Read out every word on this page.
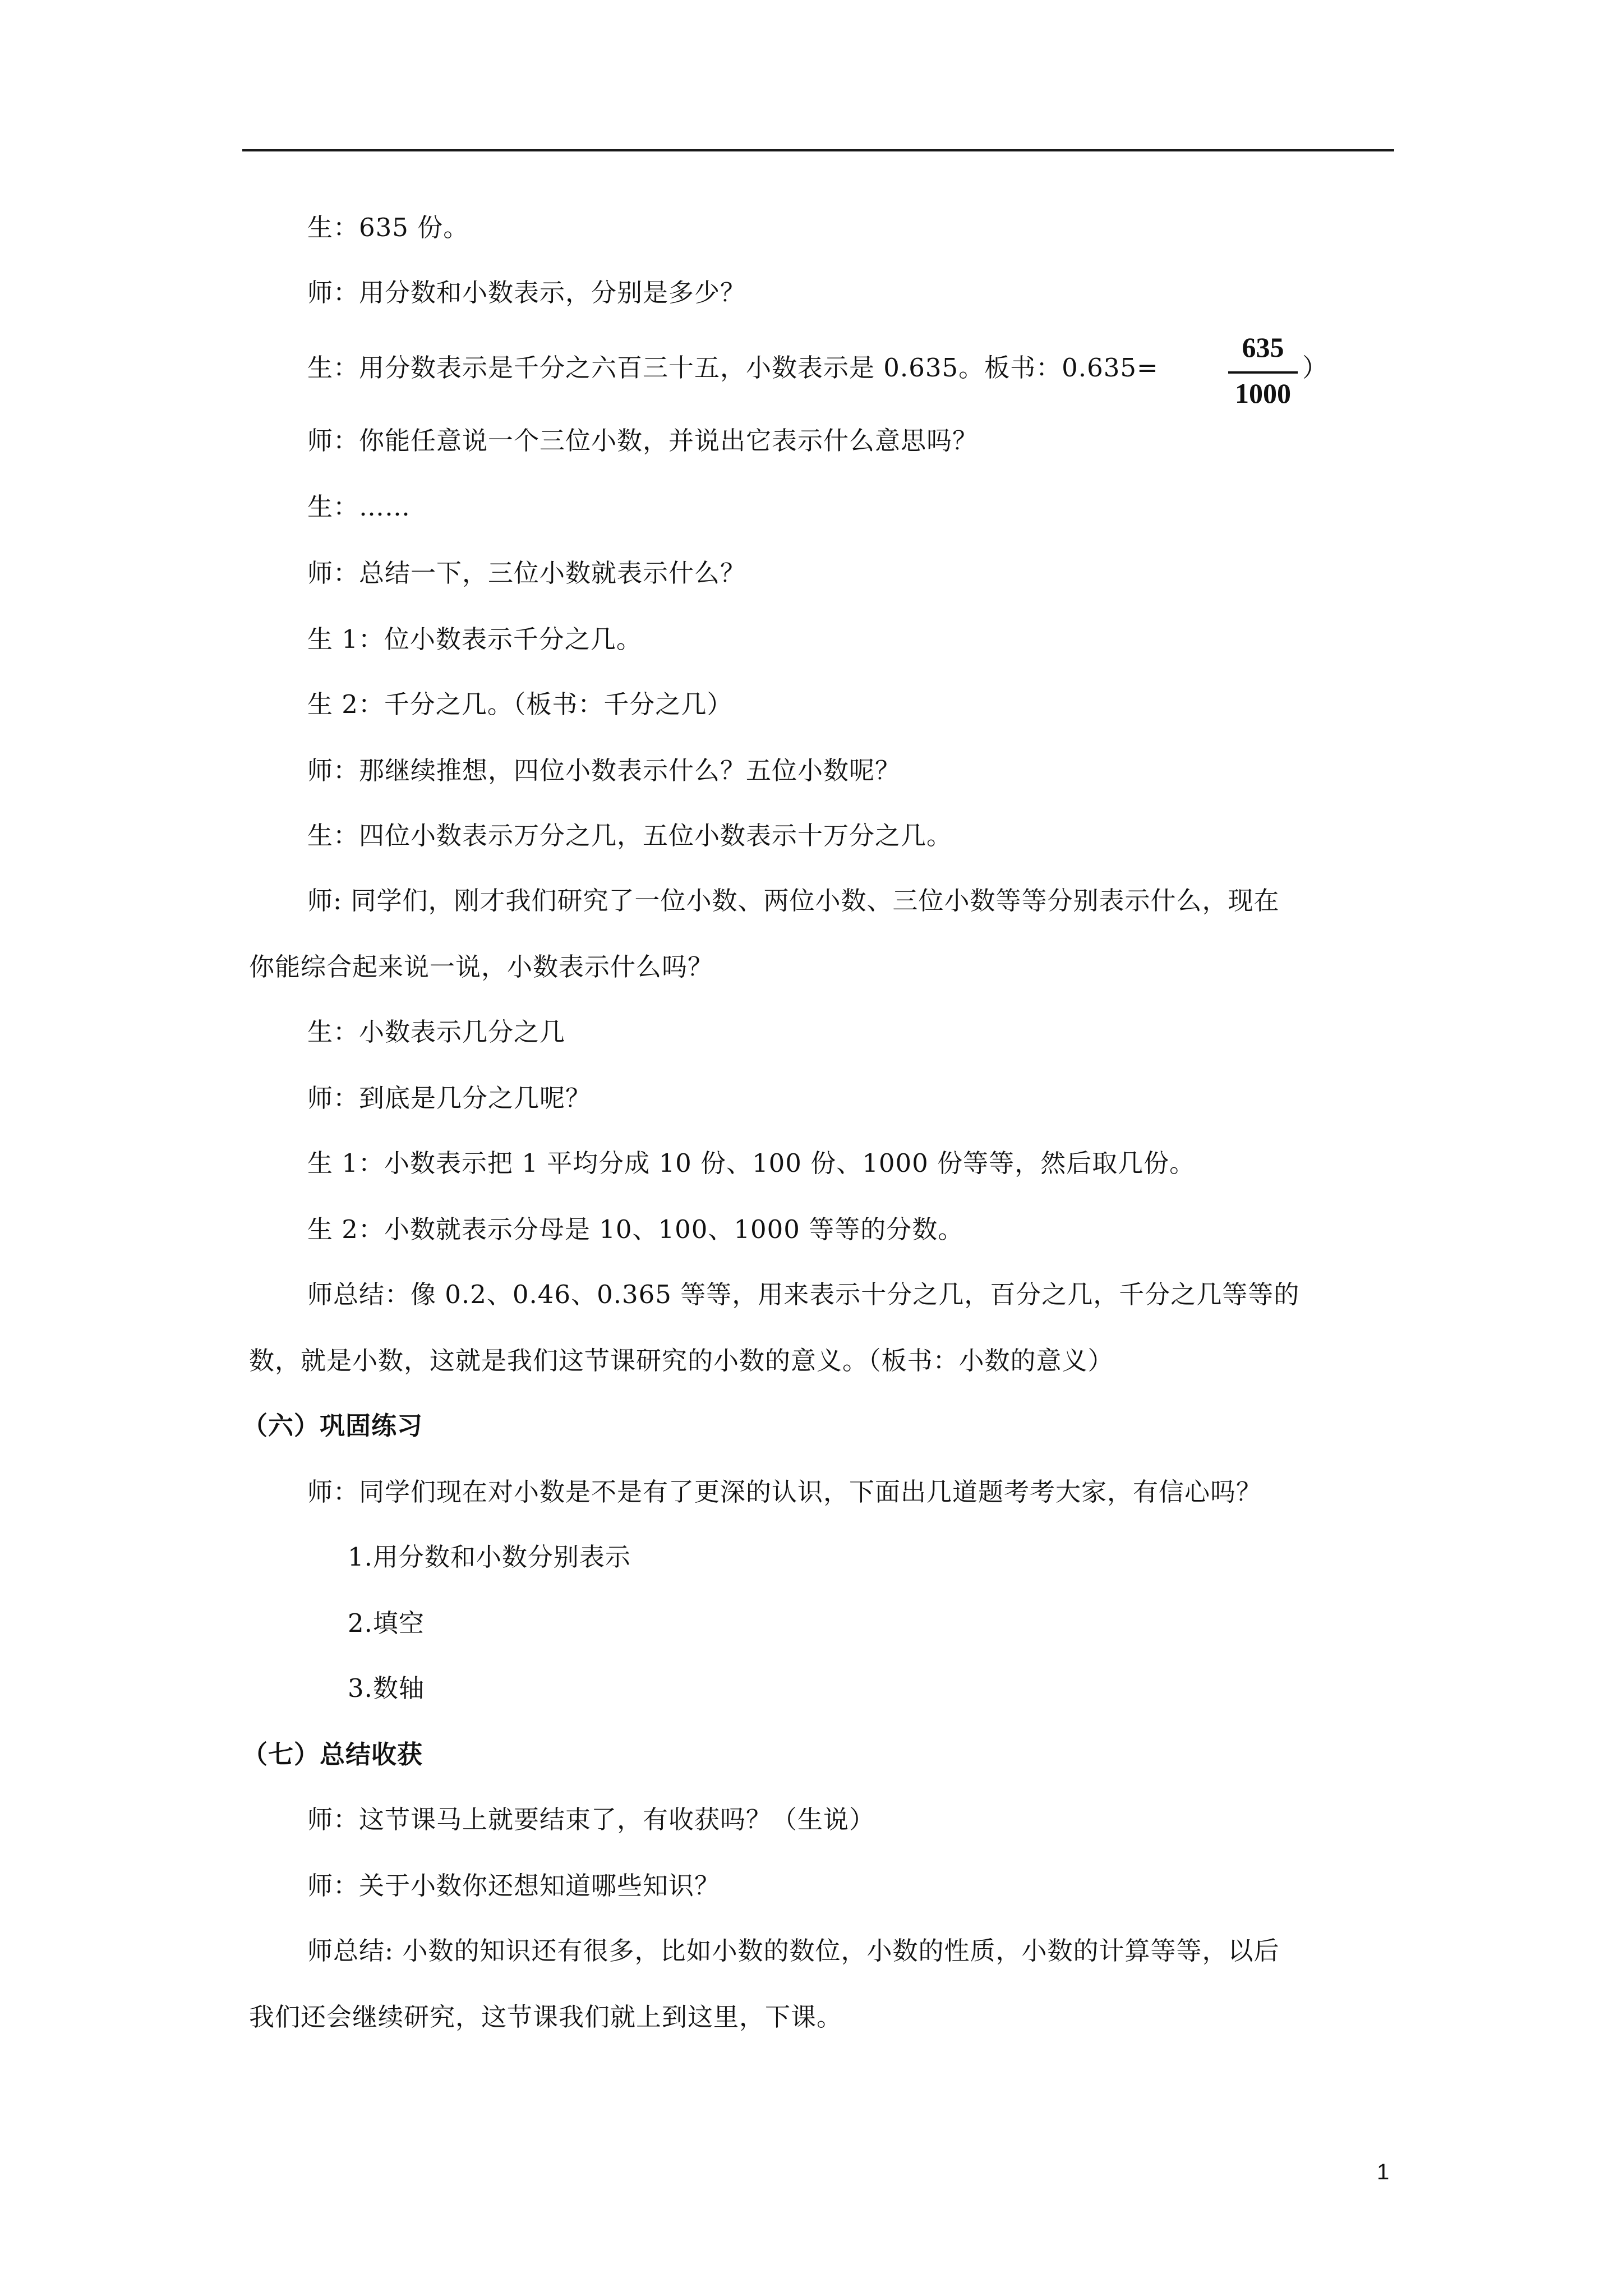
生：635 份。
师：用分数和小数表示，分别是多少？
生：用分数表示是千分之六百三十五，小数表示是 0.635。板书：0.635=
635
1000
）
师：你能任意说一个三位小数，并说出它表示什么意思吗？
生：……
师：总结一下，三位小数就表示什么？
生 1：位小数表示千分之几。
生 2：千分之几。（板书：千分之几）
师：那继续推想，四位小数表示什么？五位小数呢？
生：四位小数表示万分之几，五位小数表示十万分之几。
师: 同学们，刚才我们研究了一位小数、两位小数、三位小数等等分别表示什么，现在
你能综合起来说一说，小数表示什么吗？
生：小数表示几分之几
师：到底是几分之几呢？
生 1：小数表示把 1 平均分成 10 份、100 份、1000 份等等，然后取几份。
生 2：小数就表示分母是 10、100、1000 等等的分数。
师总结：像 0.2、0.46、0.365 等等，用来表示十分之几，百分之几，千分之几等等的
数，就是小数，这就是我们这节课研究的小数的意义。（板书：小数的意义）
（六）巩固练习
师：同学们现在对小数是不是有了更深的认识，下面出几道题考考大家，有信心吗？
1.用分数和小数分别表示
2.填空
3.数轴
（七）总结收获
师：这节课马上就要结束了，有收获吗？（生说）
师：关于小数你还想知道哪些知识？
师总结: 小数的知识还有很多，比如小数的数位，小数的性质，小数的计算等等，以后
我们还会继续研究，这节课我们就上到这里，下课。
1
